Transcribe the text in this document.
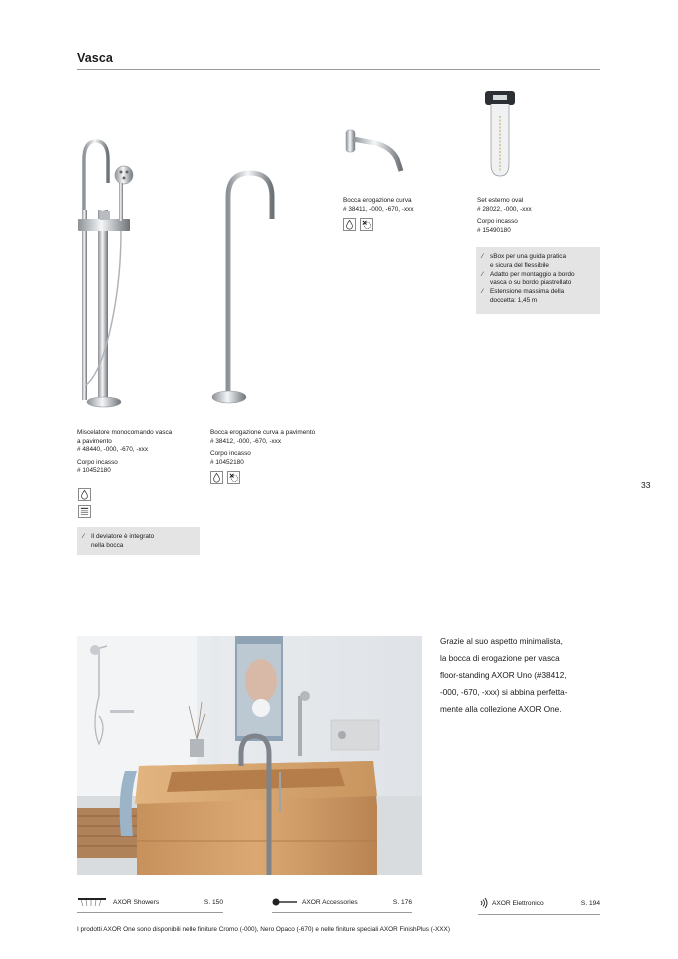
Vasca
Miscelatore monocomando vasca
a pavimento
# 48440, -000, -670, -xxx
Corpo incasso
# 10452180
⁄	Il deviatore è integrato
nella bocca
Bocca erogazione curva a pavimento
# 38412, -000, -670, -xxx
Corpo incasso
# 10452180
Bocca erogazione curva
# 38411, -000, -670, -xxx
Set esterno oval
# 28022, -000, -xxx
Corpo incasso
# 15490180
⁄	sBox per una guida pratica
e sicura del flessibile
⁄	Adatto per montaggio a bordo
vasca o su bordo piastrellato
⁄	Estensione massima della
doccetta: 1,45 m
33
Grazie al suo aspetto minimalista,
la bocca di erogazione per vasca
floor-standing AXOR Uno (#38412,
-000, -670, -xxx) si abbina perfetta-
mente alla collezione AXOR One.
AXOR Showers	S. 150	AXOR Accessories	S. 176	AXOR Elettronico	S. 194
I prodotti AXOR One sono disponibili nelle finiture Cromo (-000), Nero Opaco (-670) e nelle finiture speciali AXOR FinishPlus (-XXX)
